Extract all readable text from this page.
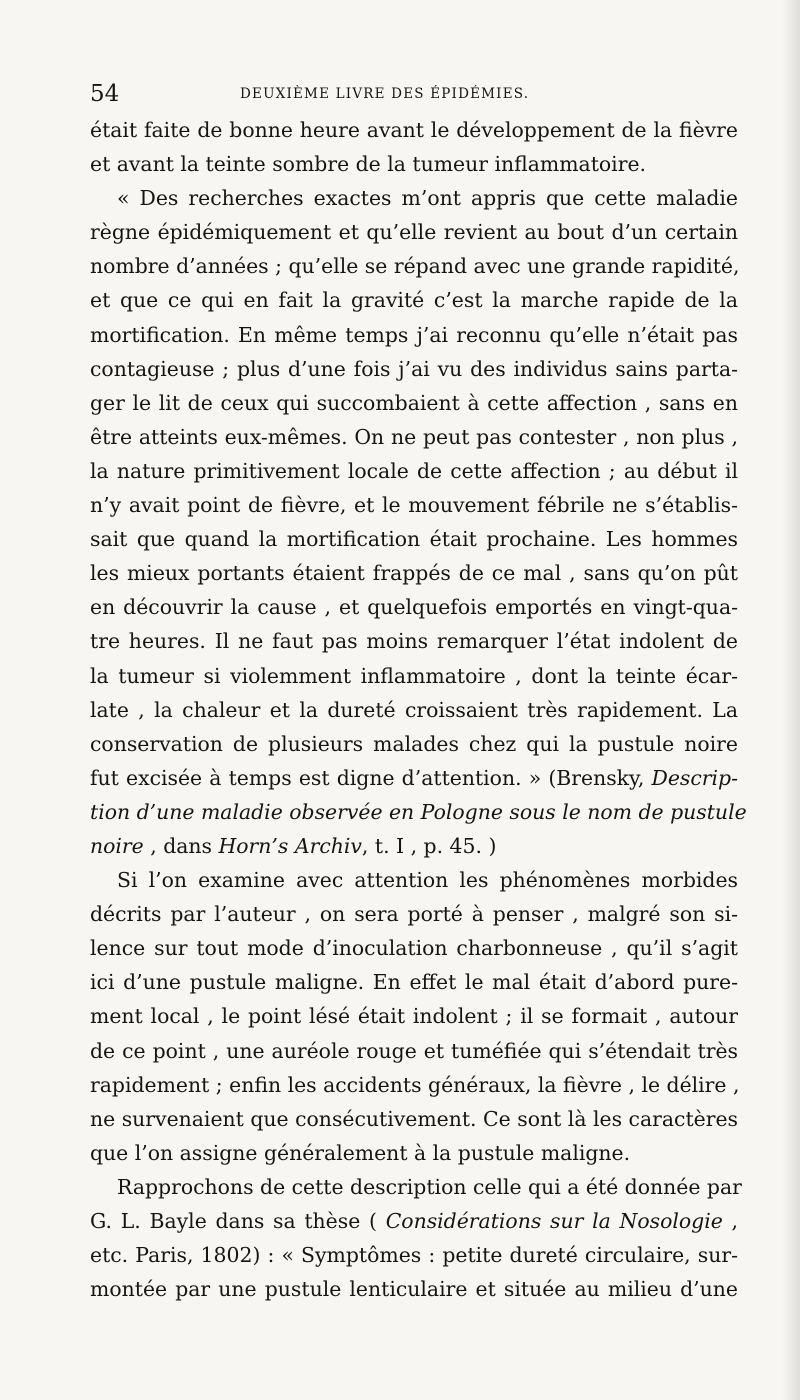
54	DEUXIÈME LIVRE DES ÉPIDÉMIES.
était faite de bonne heure avant le développement de la fièvre
et avant la teinte sombre de la tumeur inflammatoire.
« Des recherches exactes m’ont appris que cette maladie
règne épidémiquement et qu’elle revient au bout d’un certain
nombre d’années ; qu’elle se répand avec une grande rapidité,
et que ce qui en fait la gravité c’est la marche rapide de la
mortification. En même temps j’ai reconnu qu’elle n’était pas
contagieuse ; plus d’une fois j’ai vu des individus sains parta-
ger le lit de ceux qui succombaient à cette affection , sans en
être atteints eux-mêmes. On ne peut pas contester , non plus ,
la nature primitivement locale de cette affection ; au début il
n’y avait point de fièvre, et le mouvement fébrile ne s’établis-
sait que quand la mortification était prochaine. Les hommes
les mieux portants étaient frappés de ce mal , sans qu’on pût
en découvrir la cause , et quelquefois emportés en vingt-qua-
tre heures. Il ne faut pas moins remarquer l’état indolent de
la tumeur si violemment inflammatoire , dont la teinte écar-
late , la chaleur et la dureté croissaient très rapidement. La
conservation de plusieurs malades chez qui la pustule noire
fut excisée à temps est digne d’attention. » (Brensky, Descrip-
tion d’une maladie observée en Pologne sous le nom de pustule
noire , dans Horn’s Archiv, t. I , p. 45. )
Si l’on examine avec attention les phénomènes morbides
décrits par l’auteur , on sera porté à penser , malgré son si-
lence sur tout mode d’inoculation charbonneuse , qu’il s’agit
ici d’une pustule maligne. En effet le mal était d’abord pure-
ment local , le point lésé était indolent ; il se formait , autour
de ce point , une auréole rouge et tuméfiée qui s’étendait très
rapidement ; enfin les accidents généraux, la fièvre , le délire ,
ne survenaient que consécutivement. Ce sont là les caractères
que l’on assigne généralement à la pustule maligne.
Rapprochons de cette description celle qui a été donnée par
G. L. Bayle dans sa thèse ( Considérations sur la Nosologie ,
etc. Paris, 1802) : « Symptômes : petite dureté circulaire, sur-
montée par une pustule lenticulaire et située au milieu d’une
